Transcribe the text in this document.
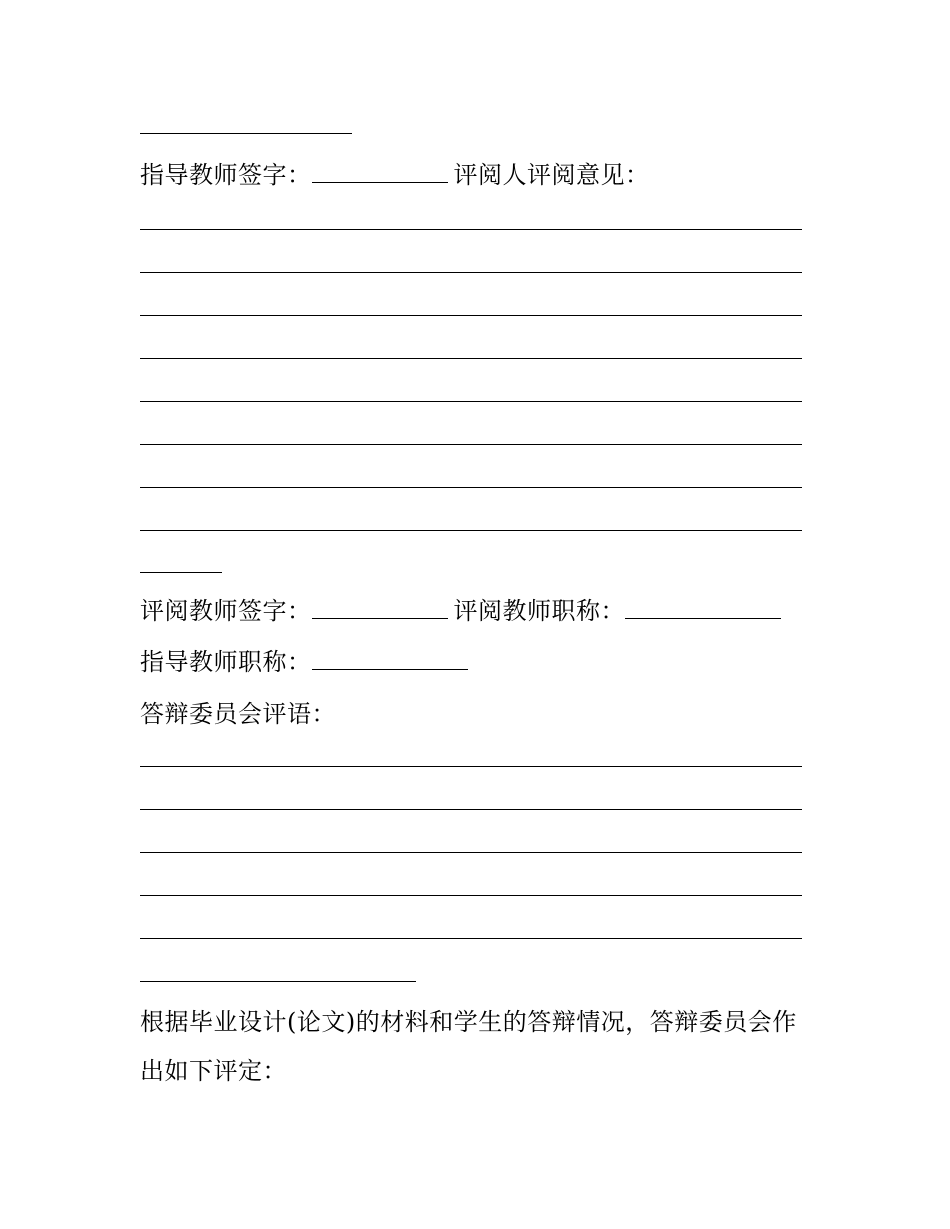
指导教师签字：	评阅人评阅意见：
评阅教师签字：	评阅教师职称：
指导教师职称：
答辩委员会评语：
根据毕业设计(论文)的材料和学生的答辩情况，答辩委员会作
出如下评定：
